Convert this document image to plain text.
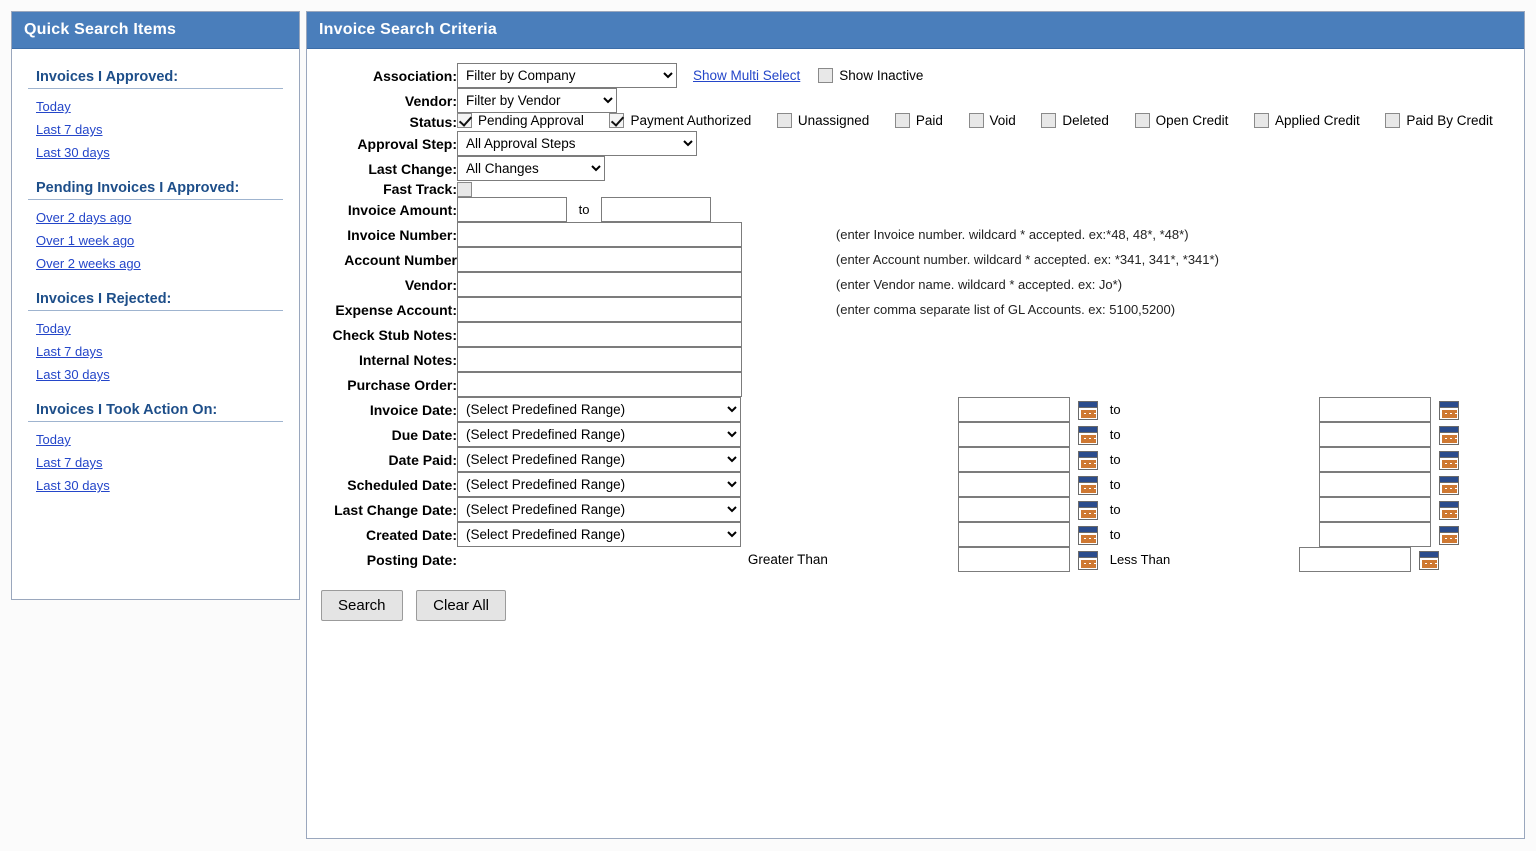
Quick Search Items
Invoices I Approved:
Today
Last 7 days
Last 30 days
Pending Invoices I Approved:
Over 2 days ago
Over 1 week ago
Over 2 weeks ago
Invoices I Rejected:
Today
Last 7 days
Last 30 days
Invoices I Took Action On:
Today
Last 7 days
Last 30 days
Invoice Search Criteria
Association:	
Filter by CompanyShow Multi Select Show Inactive

Vendor:	
Filter by Vendor
Status:	Pending Approval
	Payment Authorized
	Unassigned
	Paid
	Void
	Deleted
	Open Credit
	Applied Credit
	Paid By Credit

Approval Step:	
All Approval Steps
Last Change:	
All Changes
Fast Track:	
Invoice Amount:	to		
Invoice Number:		(enter Invoice number. wildcard * accepted. ex:*48, 48*, *48*)	
Account Number		(enter Account number. wildcard * accepted. ex: *341, 341*, *341*)	
Vendor:		(enter Vendor name. wildcard * accepted. ex: Jo*)	
Expense Account:		(enter comma separate list of GL Accounts. ex: 5100,5200)	
Check Stub Notes:		
Internal Notes:		
Purchase Order:		
Invoice Date:	
(Select Predefined Range)	to	
Due Date:	
(Select Predefined Range)	to	
Date Paid:	
(Select Predefined Range)	to	
Scheduled Date:	
(Select Predefined Range)	to	
Last Change Date:	
(Select Predefined Range)	to	
Created Date:	
(Select Predefined Range)	to	
Posting Date:	Greater Than	Less Than	
Search	Clear All
